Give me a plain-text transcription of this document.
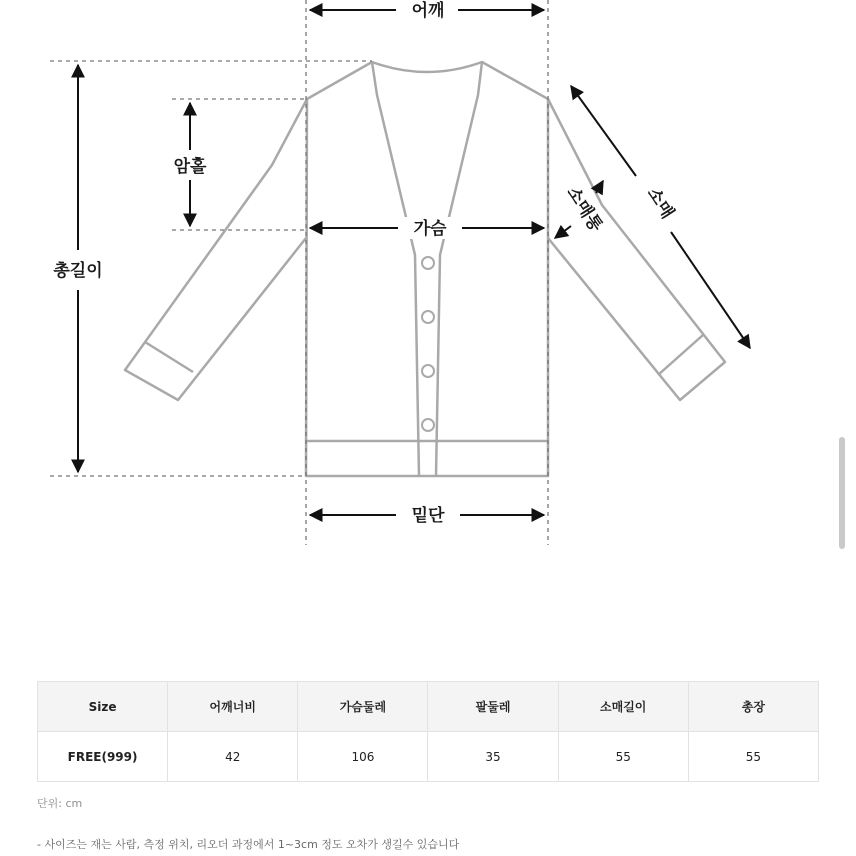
어깨
암홀
가슴
총길이
밑단
소매
소매통
Size	어깨너비	가슴둘레	팔둘레	소매길이	총장
FREE(999)	42	106	35	55	55
단위: cm
- 사이즈는 재는 사람, 측정 위치, 리오더 과정에서 1~3cm 정도 오차가 생길수 있습니다
